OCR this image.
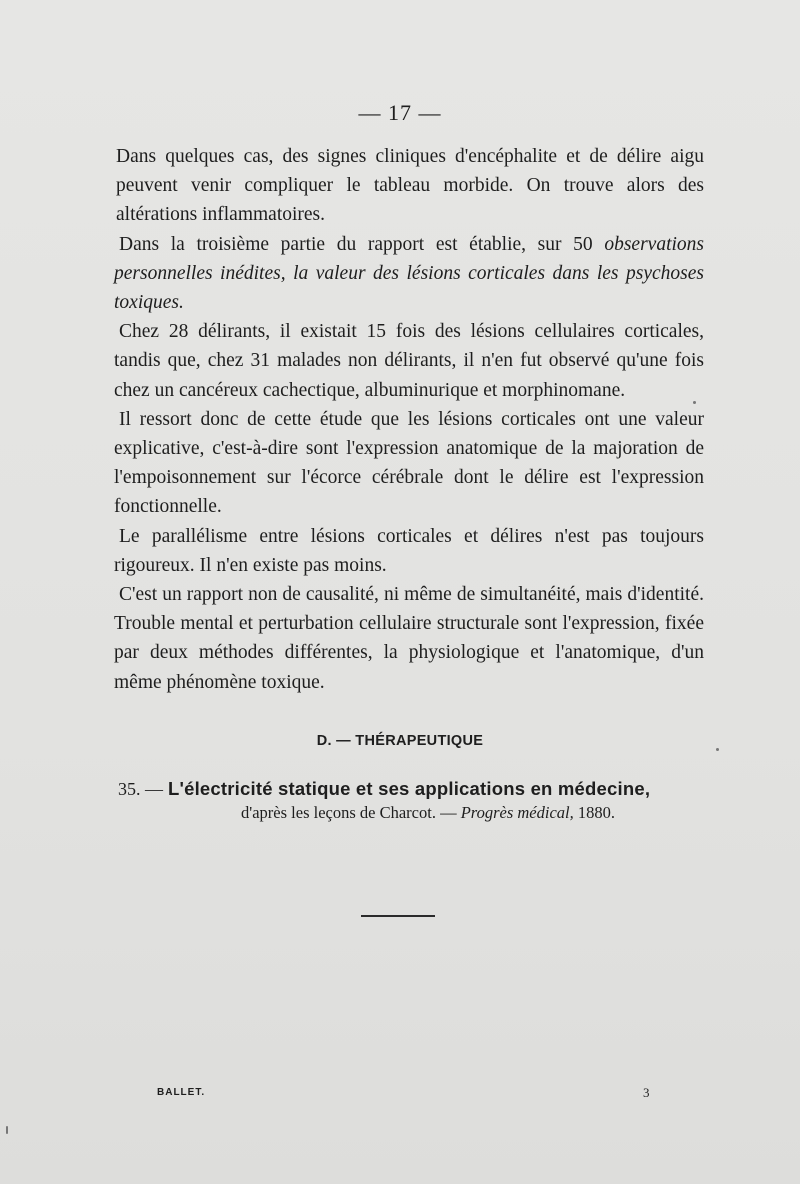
— 17 —

Dans quelques cas, des signes cliniques d'encéphalite et de délire aigu peuvent venir compliquer le tableau morbide. On trouve alors des altérations inflammatoires.

Dans la troisième partie du rapport est établie, sur 50 observations personnelles inédites, la valeur des lésions corticales dans les psychoses toxiques.

Chez 28 délirants, il existait 15 fois des lésions cellulaires corticales, tandis que, chez 31 malades non délirants, il n'en fut observé qu'une fois chez un cancéreux cachectique, albuminurique et morphinomane.

Il ressort donc de cette étude que les lésions corticales ont une valeur explicative, c'est-à-dire sont l'expression anatomique de la majoration de l'empoisonnement sur l'écorce cérébrale dont le délire est l'expression fonctionnelle.

Le parallélisme entre lésions corticales et délires n'est pas toujours rigoureux. Il n'en existe pas moins.

C'est un rapport non de causalité, ni même de simultanéité, mais d'identité. Trouble mental et perturbation cellulaire structurale sont l'expression, fixée par deux méthodes différentes, la physiologique et l'anatomique, d'un même phénomène toxique.

D. — THÉRAPEUTIQUE
35. — L'électricité statique et ses applications en médecine,
d'après les leçons de Charcot. — Progrès médical, 1880.
BALLET.	3
